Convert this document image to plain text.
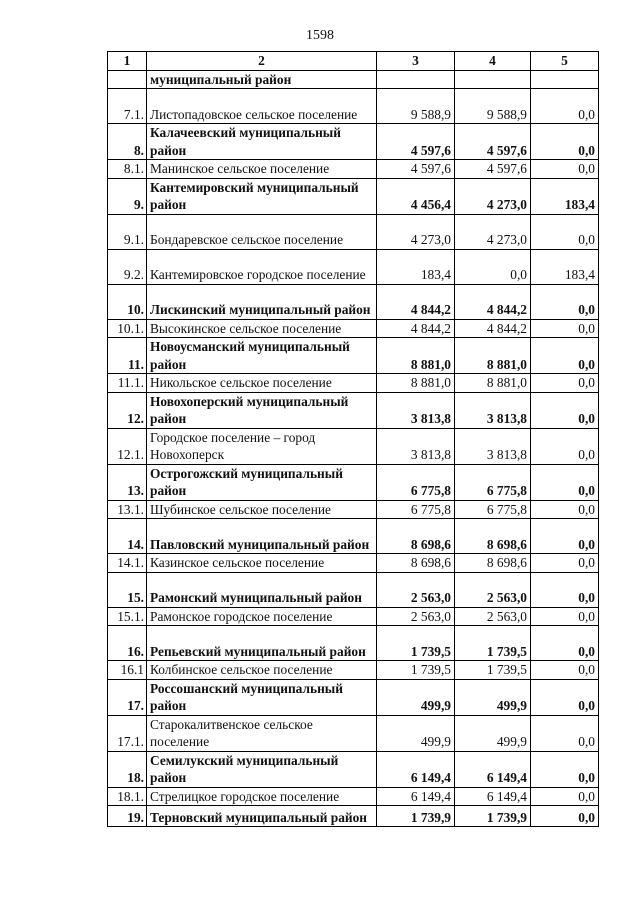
1598
1	2	3	4	5
	муниципальный район			
7.1.	Листопадовское сельское поселение	9 588,9	9 588,9	0,0
8.	Калачеевский муниципальный район	4 597,6	4 597,6	0,0
8.1.	Манинское сельское поселение	4 597,6	4 597,6	0,0
9.	Кантемировский муниципальный район	4 456,4	4 273,0	183,4
9.1.	Бондаревское сельское поселение	4 273,0	4 273,0	0,0
9.2.	Кантемировское городское поселение	183,4	0,0	183,4
10.	Лискинский муниципальный район	4 844,2	4 844,2	0,0
10.1.	Высокинское сельское поселение	4 844,2	4 844,2	0,0
11.	Новоусманский муниципальный район	8 881,0	8 881,0	0,0
11.1.	Никольское сельское поселение	8 881,0	8 881,0	0,0
12.	Новохоперский муниципальный район	3 813,8	3 813,8	0,0
12.1.	Городское поселение – город Новохоперск	3 813,8	3 813,8	0,0
13.	Острогожский муниципальный район	6 775,8	6 775,8	0,0
13.1.	Шубинское сельское поселение	6 775,8	6 775,8	0,0
14.	Павловский муниципальный район	8 698,6	8 698,6	0,0
14.1.	Казинское сельское поселение	8 698,6	8 698,6	0,0
15.	Рамонский муниципальный район	2 563,0	2 563,0	0,0
15.1.	Рамонское городское поселение	2 563,0	2 563,0	0,0
16.	Репьевский муниципальный район	1 739,5	1 739,5	0,0
16.1	Колбинское сельское поселение	1 739,5	1 739,5	0,0
17.	Россошанский муниципальный район	499,9	499,9	0,0
17.1.	Старокалитвенское сельское поселение	499,9	499,9	0,0
18.	Семилукский муниципальный район	6 149,4	6 149,4	0,0
18.1.	Стрелицкое городское поселение	6 149,4	6 149,4	0,0
19.	Терновский муниципальный район	1 739,9	1 739,9	0,0
